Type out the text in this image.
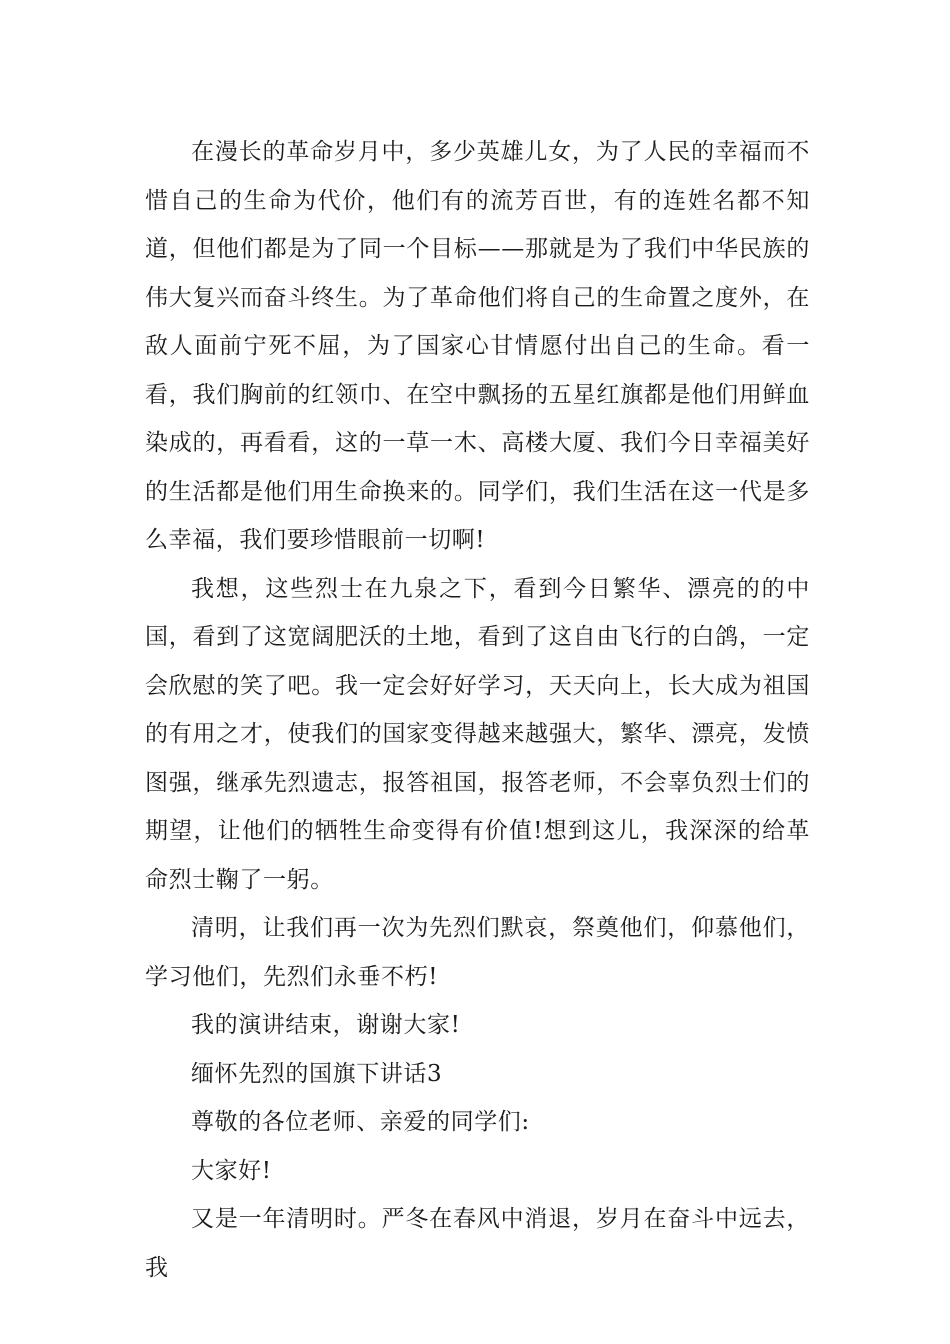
在漫长的革命岁月中，多少英雄儿女，为了人民的幸福而不惜自己的生命为代价，他们有的流芳百世，有的连姓名都不知道，但他们都是为了同一个目标——那就是为了我们中华民族的伟大复兴而奋斗终生。为了革命他们将自己的生命置之度外，在敌人面前宁死不屈，为了国家心甘情愿付出自己的生命。看一看，我们胸前的红领巾、在空中飘扬的五星红旗都是他们用鲜血染成的，再看看，这的一草一木、高楼大厦、我们今日幸福美好的生活都是他们用生命换来的。同学们，我们生活在这一代是多么幸福，我们要珍惜眼前一切啊!

我想，这些烈士在九泉之下，看到今日繁华、漂亮的的中国，看到了这宽阔肥沃的土地，看到了这自由飞行的白鸽，一定会欣慰的笑了吧。我一定会好好学习，天天向上，长大成为祖国的有用之才，使我们的国家变得越来越强大，繁华、漂亮，发愤图强，继承先烈遗志，报答祖国，报答老师，不会辜负烈士们的期望，让他们的牺牲生命变得有价值!想到这儿，我深深的给革命烈士鞠了一躬。

清明，让我们再一次为先烈们默哀，祭奠他们，仰慕他们，学习他们，先烈们永垂不朽!

我的演讲结束，谢谢大家!

缅怀先烈的国旗下讲话3

尊敬的各位老师、亲爱的同学们:

大家好!

又是一年清明时。严冬在春风中消退，岁月在奋斗中远去，我
